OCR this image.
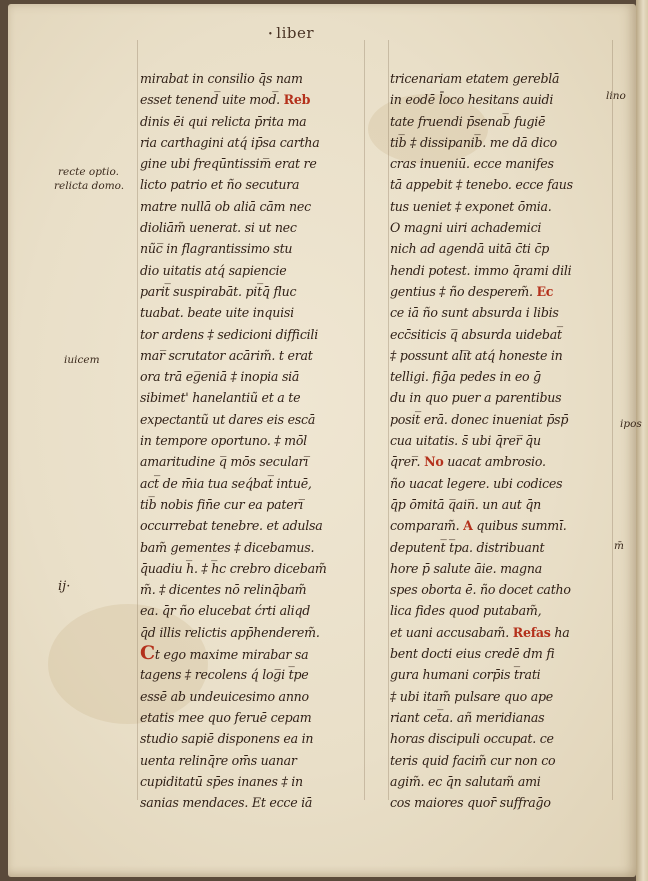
• liber
mirabat in consilio q̄s nam
esset tenend̅ uite mod̅. Reb
dinis ēi qui relicta p̄rita ma
ria carthagini atq́ ip̄sa cartha
gine ubi freqūntissim̅ erat re
licto patrio et ño secutura
matre nullā ob aliā cām nec
dioliām̃ uenerat. si ut nec
nũc̅ in flagrantissimo stu
dio uitatis atq́ sapiencie
parit̅ suspirabāt. pit̅q̄ fluc
tuabat. beate uite inquisi
tor ardens ‡ sedicioni difficili
mar̅ scrutator acārim̃. t erat
ora trā eg̅eniā ‡ inopia siā
sibimet' hanelantiũ et a te
expectantũ ut dares eis escā
in tempore oportuno. ‡ mōl
amaritudine q̅ mōs seculari̅
act̅ de m̄ia tua seq́bat̅ intuē,
tib̅ nobis fin̄e cur ea pateri̅
occurrebat tenebre. et adulsa
bam̃ gementes ‡ dicebamus.
q̄uadiu h̅. ‡ h̅c crebro dicebam̃
m̃. ‡ dicentes nō relinq̄bam̃
ea. q̄r ño elucebat ćrti aliqd
q̄d illis relictis app̄henderem̃.
Ct ego maxime mirabar sa
tagens ‡ recolens q́ log̅i t̅pe
essē ab undeuicesimo anno
etatis mee quo feruē cepam
studio sapiē disponens ea in
uenta relinq̄re om̄s uanar
cupiditatū sp̄es inanes ‡ in
sanias mendaces. Et ecce iā
tricenariam etatem gereblā
in eodē l̄oco hesitans auidi
tate fruendi p̄senab̅ fugiē
tib̅ ‡ dissipanib̅. me dā dico
cras inueniū. ecce manifes
tā appebit ‡ tenebo. ecce faus
tus ueniet ‡ exponet ōmia.
O magni uiri achademici
nich ad agendā uitā c̄ti c̄p
hendi potest. immo q̄rami dili
gentius ‡ ño desperem̃. Ec
ce iā ño sunt absurda i libis
ecc̄siticis q̅ absurda uidebat̅
‡ possunt ali̅t atq́ honeste in
telligi. fiḡa pedes in eo ḡ
du in quo puer a parentibus
posit̅ erā. donec inueniat p̄sp̄
cua uitatis. s̄ ubi q̄rer̅ q̄u
q̄rer̅. No uacat ambrosio.
ño uacat legere. ubi codices
q̄p ōmitā q̅ain̅. un aut q̄n
comparam̃. A quibus summī.
deputent̅ t̅pa. distribuant
hore p̄ salute āie. magna
spes oborta ē. ño docet catho
lica fides quod putabam̃,
et uani accusabam̃. Refas ha
bent docti eius credē dm fi
gura humani corp̄is t̅rati
‡ ubi itam̃ pulsare quo ape
riant cet̅a. añ meridianas
horas discipuli occupat. ce
teris quid facim̃ cur non co
agim̃. ec q̄n salutam̃ ami
cos maiores quor̄ suffraḡo
recte optio.
relicta domo.
iuicem
ij·
lino
ipos
m̄
